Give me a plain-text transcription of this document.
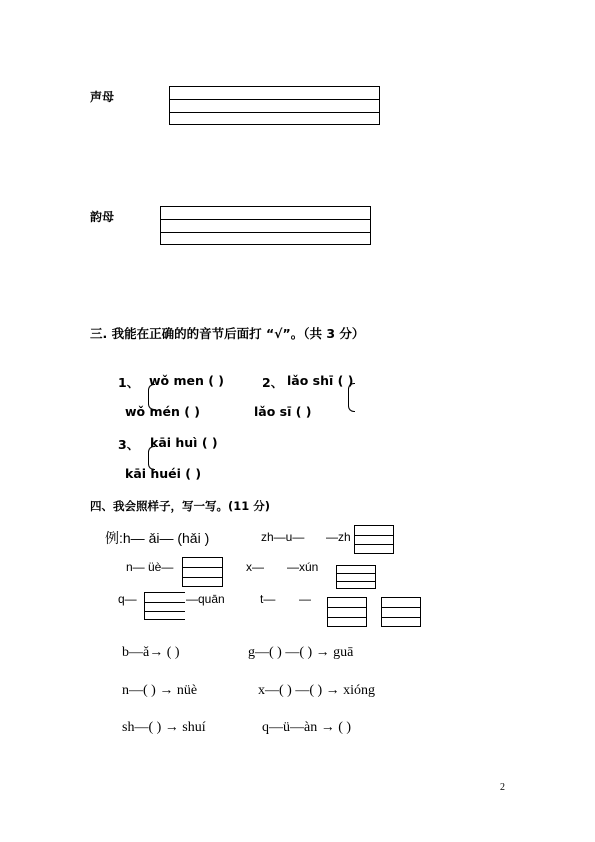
声母
韵母
三. 我能在正确的的音节后面打 “√”。（共 3 分）
1、 wǒ men ( )
wǒ mén ( )
2、 lǎo shī ( )
lǎo sī ( )
3、 kāi huì ( )
kāi huéi ( )
四、我会照样子，写一写。(11 分)
例:h— ǎi— (hǎi )	zh—u— —zh
n— üè—	x— —xún
q—	—quān	t— —
b—ǎ→ ( )	g—( ) —( ) → guā
n—( ) → nüè	x—( ) —( ) → xióng
sh—( ) → shuí	q—ü—àn → ( )
2
